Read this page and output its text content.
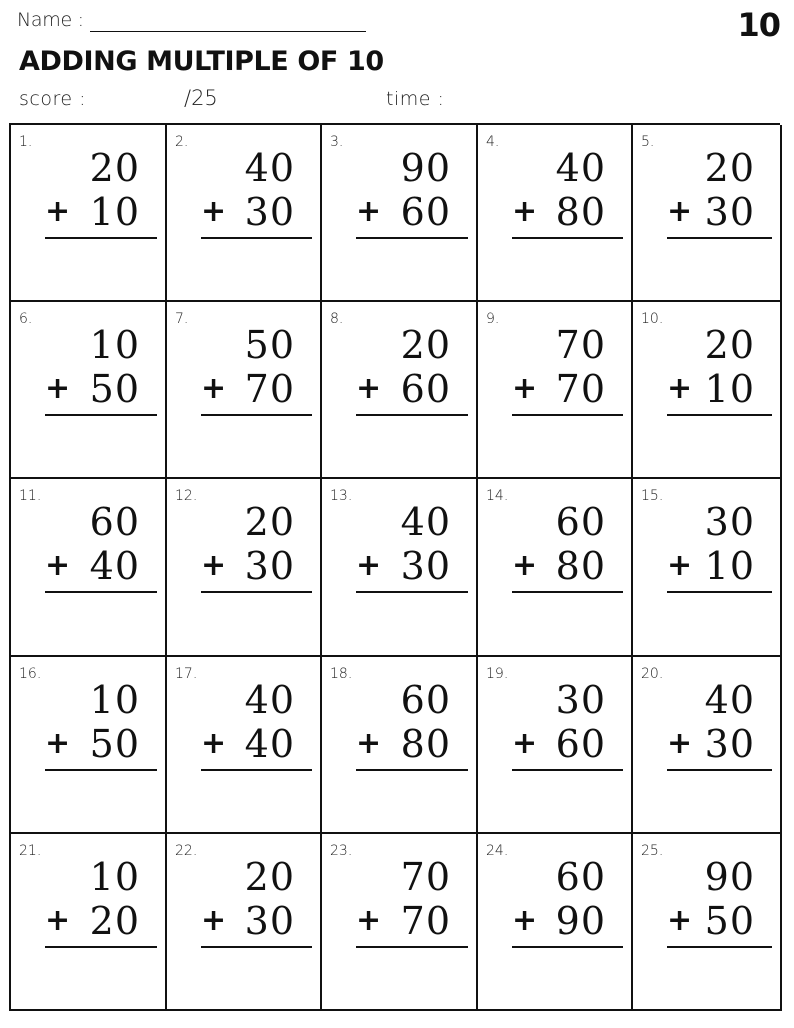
Name :	10
ADDING MULTIPLE OF 10
score :	/25	time :
1.
20
+ 10
2.
40
+ 30
3.
90
+ 60
4.
40
+ 80
5.
20
+ 30
6.
10
+ 50
7.
50
+ 70
8.
20
+ 60
9.
70
+ 70
10.
20
+ 10
11.
60
+ 40
12.
20
+ 30
13.
40
+ 30
14.
60
+ 80
15.
30
+ 10
16.
10
+ 50
17.
40
+ 40
18.
60
+ 80
19.
30
+ 60
20.
40
+ 30
21.
10
+ 20
22.
20
+ 30
23.
70
+ 70
24.
60
+ 90
25.
90
+ 50
